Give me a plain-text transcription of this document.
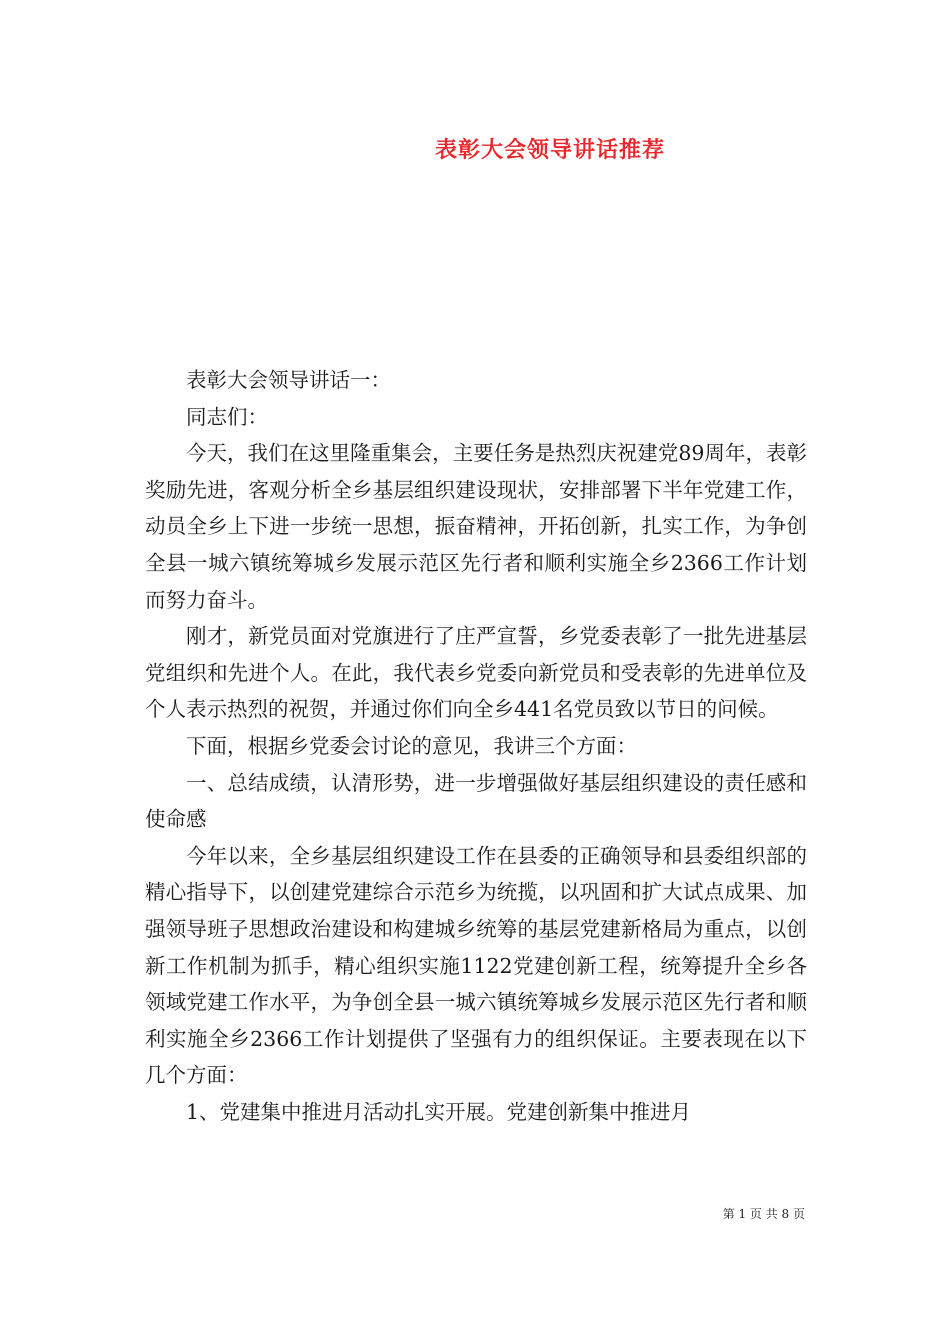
表彰大会领导讲话推荐

表彰大会领导讲话一：

同志们：

今天，我们在这里隆重集会，主要任务是热烈庆祝建党89周年，表彰奖励先进，客观分析全乡基层组织建设现状，安排部署下半年党建工作，动员全乡上下进一步统一思想，振奋精神，开拓创新，扎实工作，为争创全县一城六镇统筹城乡发展示范区先行者和顺利实施全乡2366工作计划而努力奋斗。

刚才，新党员面对党旗进行了庄严宣誓，乡党委表彰了一批先进基层党组织和先进个人。在此，我代表乡党委向新党员和受表彰的先进单位及个人表示热烈的祝贺，并通过你们向全乡441名党员致以节日的问候。

下面，根据乡党委会讨论的意见，我讲三个方面：

一、总结成绩，认清形势，进一步增强做好基层组织建设的责任感和使命感

今年以来，全乡基层组织建设工作在县委的正确领导和县委组织部的精心指导下，以创建党建综合示范乡为统揽，以巩固和扩大试点成果、加强领导班子思想政治建设和构建城乡统筹的基层党建新格局为重点，以创新工作机制为抓手，精心组织实施1122党建创新工程，统筹提升全乡各领域党建工作水平，为争创全县一城六镇统筹城乡发展示范区先行者和顺利实施全乡2366工作计划提供了坚强有力的组织保证。主要表现在以下几个方面：

1、党建集中推进月活动扎实开展。党建创新集中推进月

第 1 页 共 8 页
